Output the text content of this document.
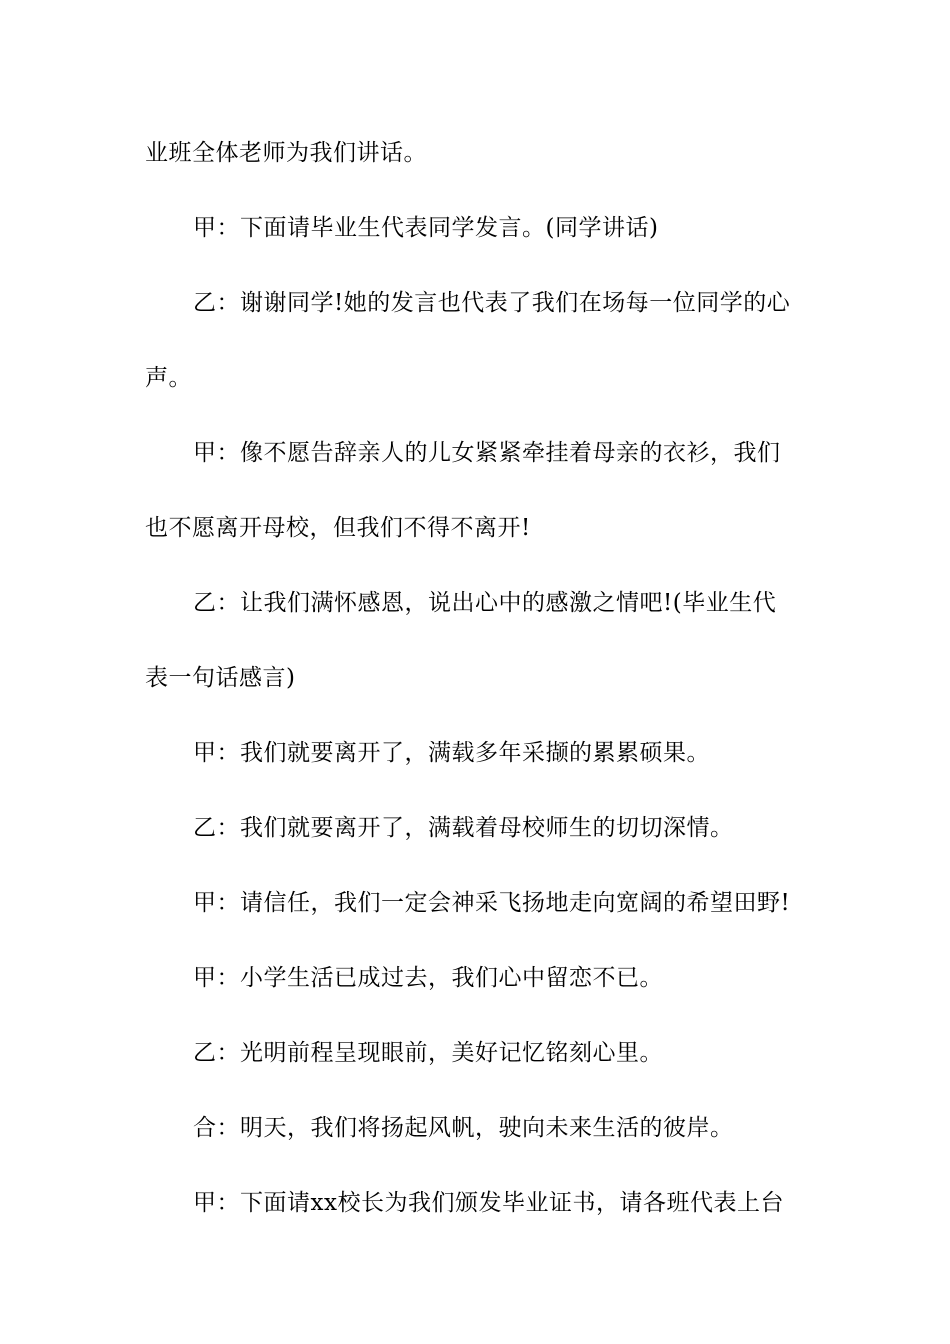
业班全体老师为我们讲话。
甲：下面请毕业生代表同学发言。(同学讲话)
乙：谢谢同学!她的发言也代表了我们在场每一位同学的心
声。
甲：像不愿告辞亲人的儿女紧紧牵挂着母亲的衣衫，我们
也不愿离开母校，但我们不得不离开!
乙：让我们满怀感恩，说出心中的感激之情吧!(毕业生代
表一句话感言)
甲：我们就要离开了，满载多年采撷的累累硕果。
乙：我们就要离开了，满载着母校师生的切切深情。
甲：请信任，我们一定会神采飞扬地走向宽阔的希望田野!
甲：小学生活已成过去，我们心中留恋不已。
乙：光明前程呈现眼前，美好记忆铭刻心里。
合：明天，我们将扬起风帆，驶向未来生活的彼岸。
甲：下面请xx校长为我们颁发毕业证书，请各班代表上台
